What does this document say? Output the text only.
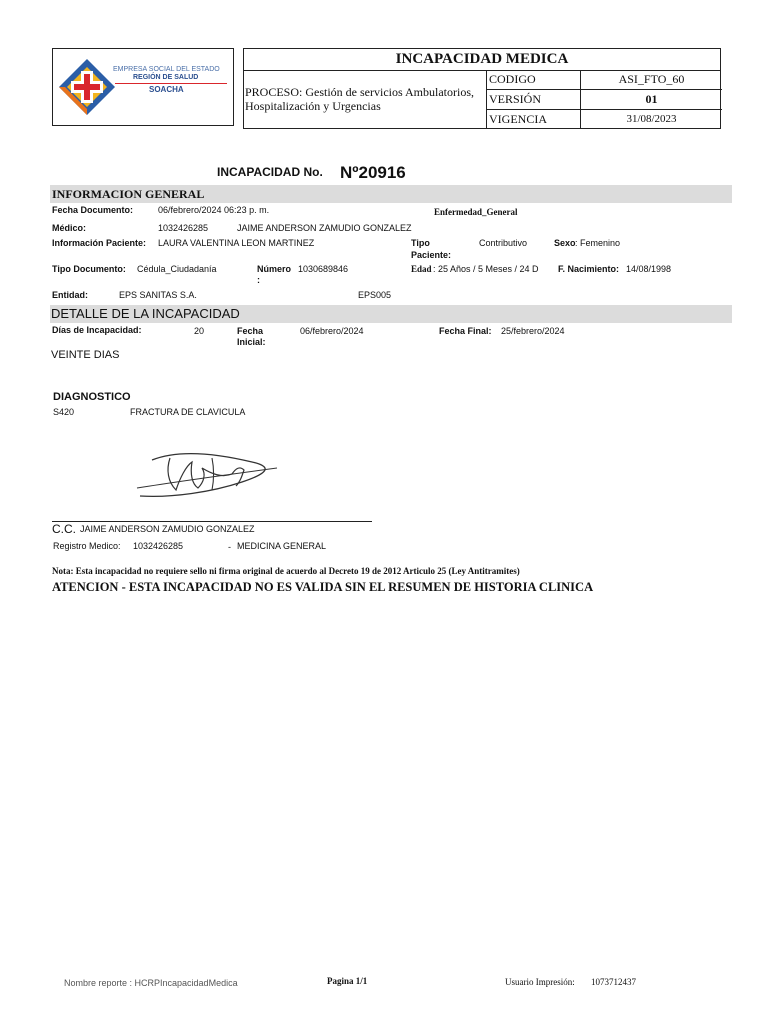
EMPRESA SOCIAL DEL ESTADO
REGIÓN DE SALUD
SOACHA
INCAPACIDAD MEDICA
PROCESO: Gestión de servicios Ambulatorios, Hospitalización y Urgencias
CODIGO	ASI_FTO_60
VERSIÓN	01
VIGENCIA	31/08/2023
INCAPACIDAD No. Nº20916
INFORMACION GENERAL
Fecha Documento:	06/febrero/2024 06:23 p. m.	Enfermedad_General
Médico:	1032426285	JAIME ANDERSON ZAMUDIO GONZALEZ
Información Paciente: LAURA VALENTINA LEON MARTINEZ	Tipo
Paciente:
Contributivo	Sexo : Femenino
Tipo Documento: Cédula_Ciudadanía	Número 1030689846
:
Edad : 25 Años / 5 Meses / 24 D F. Nacimiento: 14/08/1998
Entidad:	EPS SANITAS S.A.	EPS005
DETALLE DE LA INCAPACIDAD
Días de Incapacidad:	20	Fecha
Inicial:
06/febrero/2024	Fecha Final: 25/febrero/2024
VEINTE DIAS
DIAGNOSTICO
S420	FRACTURA DE CLAVICULA
C.C. JAIME ANDERSON ZAMUDIO GONZALEZ
Registro Medico: 1032426285	- MEDICINA GENERAL
Nota: Esta incapacidad no requiere sello ni firma original de acuerdo al Decreto 19 de 2012 Articulo 25 (Ley Antitramites)
ATENCION - ESTA INCAPACIDAD NO ES VALIDA SIN EL RESUMEN DE HISTORIA CLINICA
Nombre reporte : HCRPIncapacidadMedica	Pagina 1/1	Usuario Impresión: 1073712437
